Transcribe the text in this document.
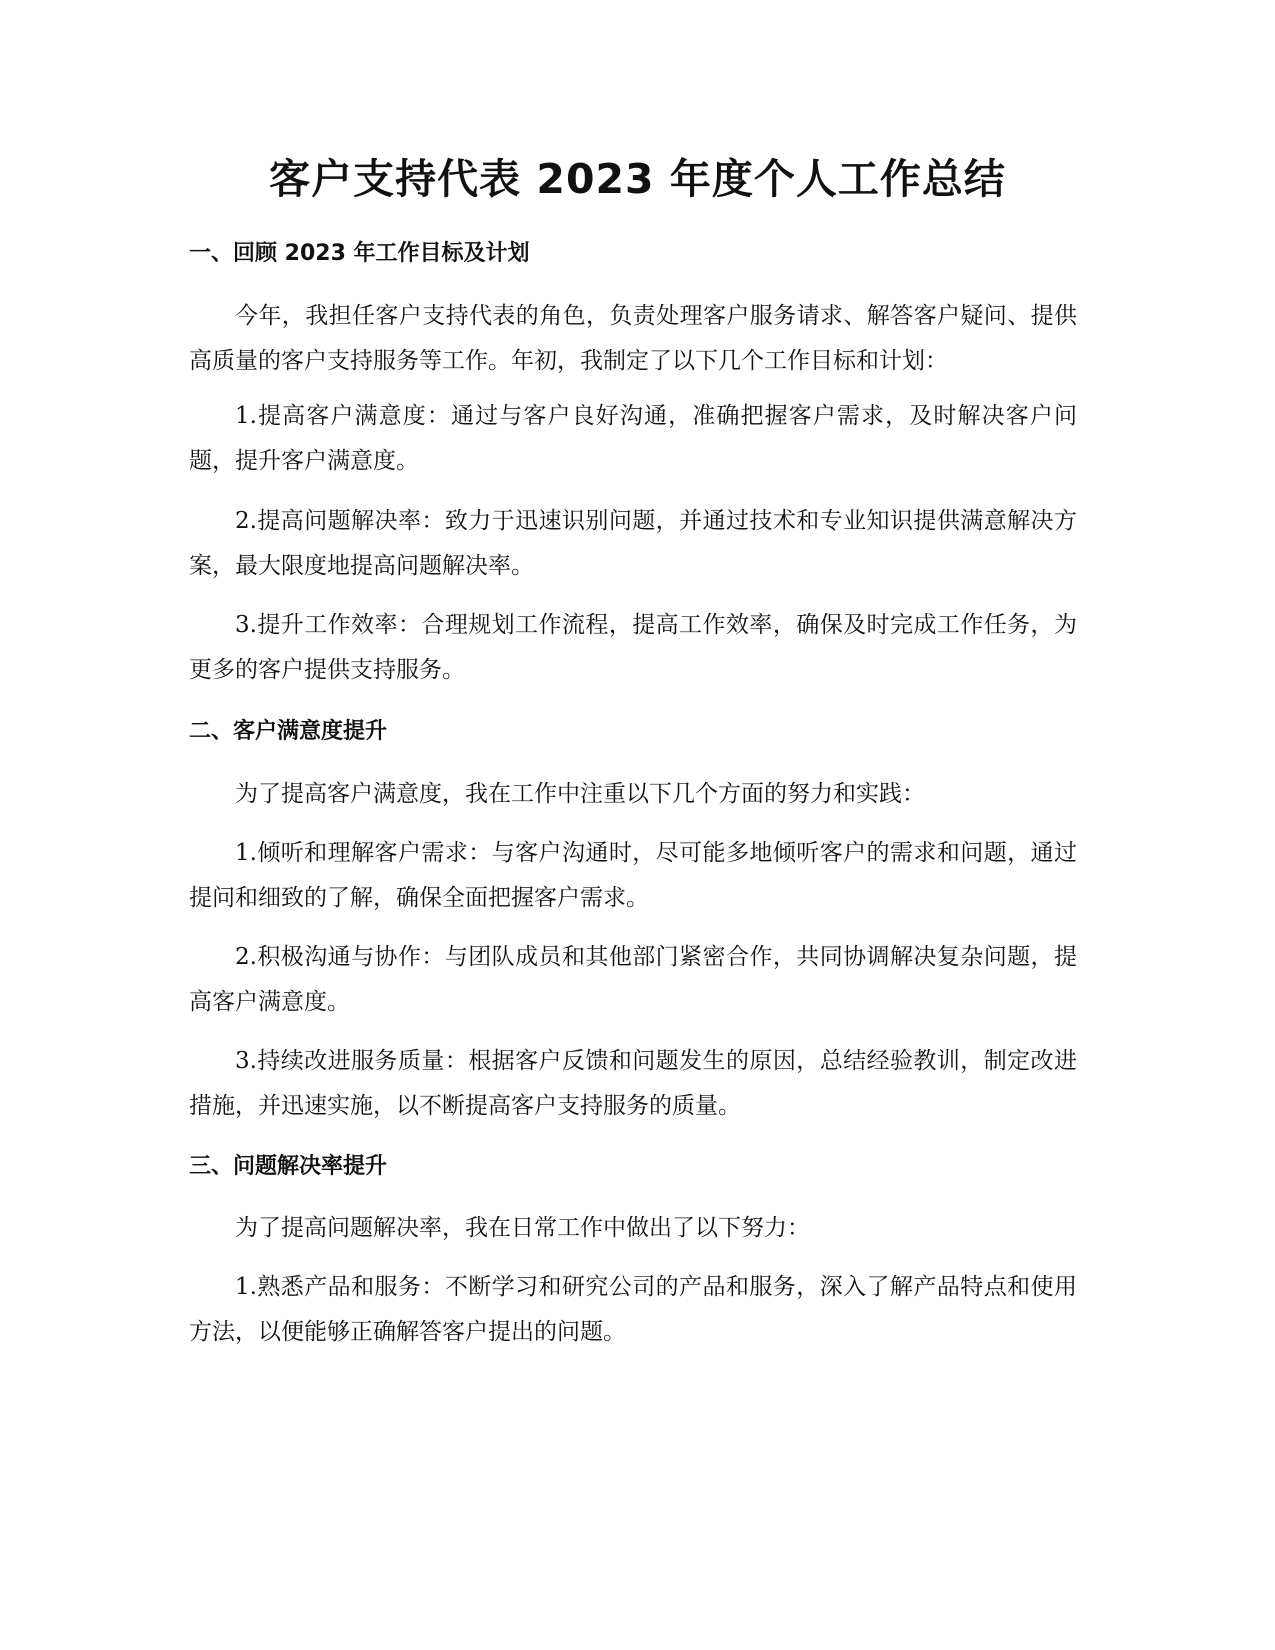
客户支持代表 2023 年度个人工作总结
一、回顾 2023 年工作目标及计划

今年，我担任客户支持代表的角色，负责处理客户服务请求、解答客户疑问、提供高质量的客户支持服务等工作。年初，我制定了以下几个工作目标和计划：

1.提高客户满意度：通过与客户良好沟通，准确把握客户需求，及时解决客户问题，提升客户满意度。

2.提高问题解决率：致力于迅速识别问题，并通过技术和专业知识提供满意解决方案，最大限度地提高问题解决率。

3.提升工作效率：合理规划工作流程，提高工作效率，确保及时完成工作任务，为更多的客户提供支持服务。

二、客户满意度提升

为了提高客户满意度，我在工作中注重以下几个方面的努力和实践：

1.倾听和理解客户需求：与客户沟通时，尽可能多地倾听客户的需求和问题，通过提问和细致的了解，确保全面把握客户需求。

2.积极沟通与协作：与团队成员和其他部门紧密合作，共同协调解决复杂问题，提高客户满意度。

3.持续改进服务质量：根据客户反馈和问题发生的原因，总结经验教训，制定改进措施，并迅速实施，以不断提高客户支持服务的质量。

三、问题解决率提升

为了提高问题解决率，我在日常工作中做出了以下努力：

1.熟悉产品和服务：不断学习和研究公司的产品和服务，深入了解产品特点和使用方法，以便能够正确解答客户提出的问题。
